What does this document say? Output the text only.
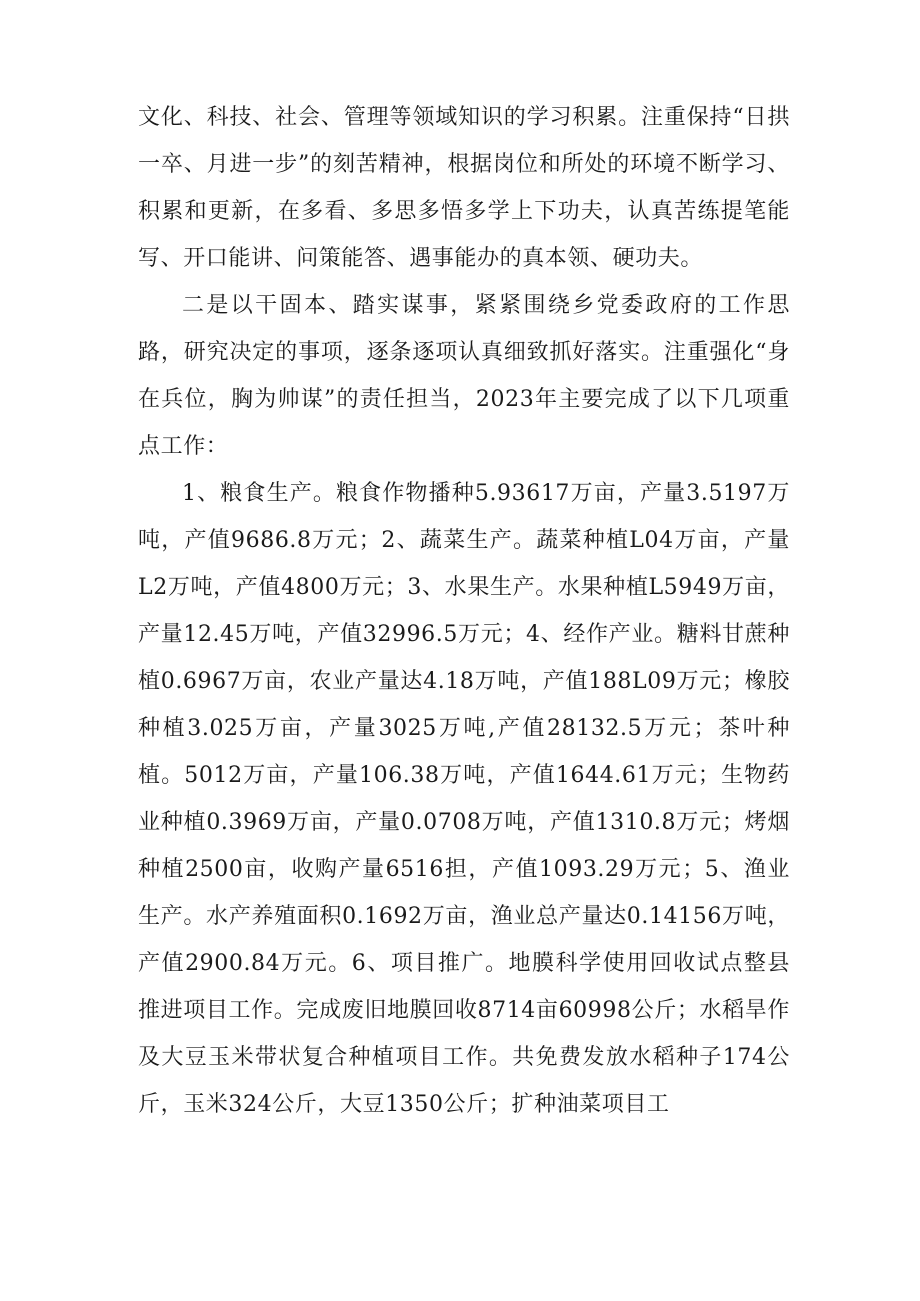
文化、科技、社会、管理等领域知识的学习积累。注重保持“日拱一卒、月进一步”的刻苦精神，根据岗位和所处的环境不断学习、积累和更新，在多看、多思多悟多学上下功夫，认真苦练提笔能写、开口能讲、问策能答、遇事能办的真本领、硬功夫。

二是以干固本、踏实谋事，紧紧围绕乡党委政府的工作思路，研究决定的事项，逐条逐项认真细致抓好落实。注重强化“身在兵位，胸为帅谋”的责任担当，2023年主要完成了以下几项重点工作：

1、粮食生产。粮食作物播种5.93617万亩，产量3.5197万吨，产值9686.8万元；2、蔬菜生产。蔬菜种植L04万亩，产量L2万吨，产值4800万元；3、水果生产。水果种植L5949万亩，产量12.45万吨，产值32996.5万元；4、经作产业。糖料甘蔗种植0.6967万亩，农业产量达4.18万吨，产值188L09万元；橡胶种植3.025万亩，产量3025万吨,产值28132.5万元；茶叶种植。5012万亩，产量106.38万吨，产值1644.61万元；生物药业种植0.3969万亩，产量0.0708万吨，产值1310.8万元；烤烟种植2500亩，收购产量6516担，产值1093.29万元；5、渔业生产。水产养殖面积0.1692万亩，渔业总产量达0.14156万吨，产值2900.84万元。6、项目推广。地膜科学使用回收试点整县推进项目工作。完成废旧地膜回收8714亩60998公斤；水稻旱作及大豆玉米带状复合种植项目工作。共免费发放水稻种子174公斤，玉米324公斤，大豆1350公斤；扩种油菜项目工
